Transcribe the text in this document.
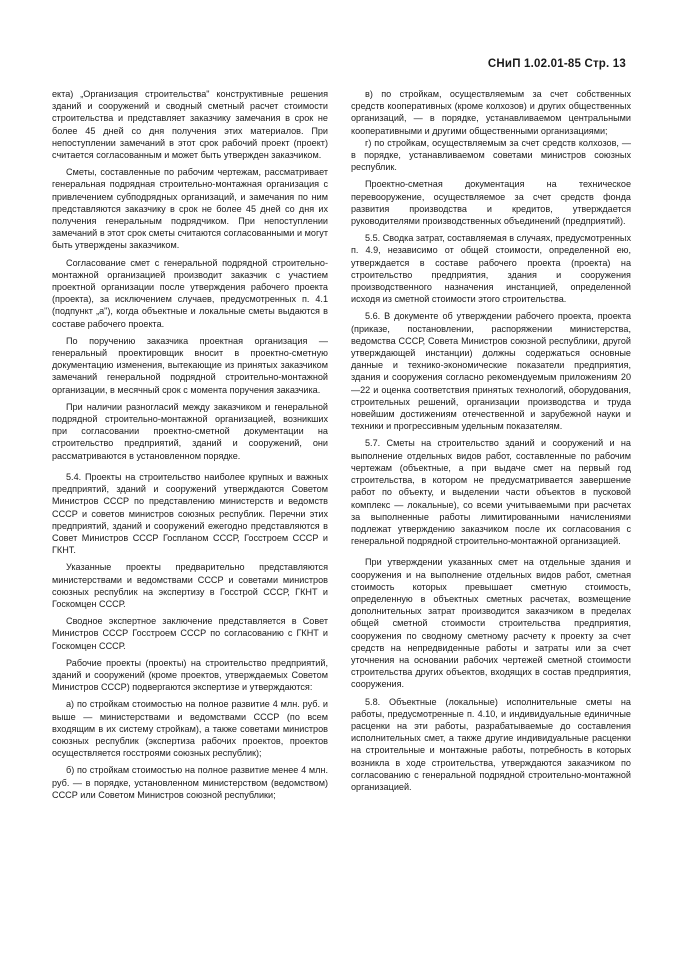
СНиП 1.02.01-85 Стр. 13

екта) „Организация строительства" конструктивные решения зданий и сооружений и сводный сметный расчет стоимости строительства и представляет заказчику замечания в срок не более 45 дней со дня получения этих материалов. При непоступлении замечаний в этот срок рабочий проект (проект) считается согласованным и может быть утвержден заказчиком.

Сметы, составленные по рабочим чертежам, рассматривает генеральная подрядная строительно-монтажная организация с привлечением субподрядных организаций, и замечания по ним представляются заказчику в срок не более 45 дней со дня их получения генеральным подрядчиком. При непоступлении замечаний в этот срок сметы считаются согласованными и могут быть утверждены заказчиком.

Согласование смет с генеральной подрядной строительно-монтажной организацией производит заказчик с участием проектной организации после утверждения рабочего проекта (проекта), за исключением случаев, предусмотренных п. 4.1 (подпункт „а"), когда объектные и локальные сметы выдаются в составе рабочего проекта.

По поручению заказчика проектная организация — генеральный проектировщик вносит в проектно-сметную документацию изменения, вытекающие из принятых заказчиком замечаний генеральной подрядной строительно-монтажной организации, в месячный срок с момента поручения заказчика.

При наличии разногласий между заказчиком и генеральной подрядной строительно-монтажной организацией, возникших при согласовании проектно-сметной документации на строительство предприятий, зданий и сооружений, они рассматриваются в установленном порядке.

5.4. Проекты на строительство наиболее крупных и важных предприятий, зданий и сооружений утверждаются Советом Министров СССР по представлению министерств и ведомств СССР и советов министров союзных республик. Перечни этих предприятий, зданий и сооружений ежегодно представляются в Совет Министров СССР Госпланом СССР, Госстроем СССР и ГКНТ.

Указанные проекты предварительно представляются министерствами и ведомствами СССР и советами министров союзных республик на экспертизу в Госстрой СССР, ГКНТ и Госкомцен СССР.

Сводное экспертное заключение представляется в Совет Министров СССР Госстроем СССР по согласованию с ГКНТ и Госкомцен СССР.

Рабочие проекты (проекты) на строительство предприятий, зданий и сооружений (кроме проектов, утверждаемых Советом Министров СССР) подвергаются экспертизе и утверждаются:

а) по стройкам стоимостью на полное развитие 4 млн. руб. и выше — министерствами и ведомствами СССР (по всем входящим в их систему стройкам), а также советами министров союзных республик (экспертиза рабочих проектов, проектов осуществляется госстроями союзных республик);

б) по стройкам стоимостью на полное развитие менее 4 млн. руб. — в порядке, установленном министерством (ведомством) СССР или Советом Министров союзной республики;

в) по стройкам, осуществляемым за счет собственных средств кооперативных (кроме колхозов) и других общественных организаций, — в порядке, устанавливаемом центральными кооперативными и другими общественными организациями;

г) по стройкам, осуществляемым за счет средств колхозов, — в порядке, устанавливаемом советами министров союзных республик.

Проектно-сметная документация на техническое перевооружение, осуществляемое за счет средств фонда развития производства и кредитов, утверждается руководителями производственных объединений (предприятий).

5.5. Сводка затрат, составляемая в случаях, предусмотренных п. 4.9, независимо от общей стоимости, определенной ею, утверждается в составе рабочего проекта (проекта) на строительство предприятия, здания и сооружения производственного назначения инстанцией, определенной исходя из сметной стоимости этого строительства.

5.6. В документе об утверждении рабочего проекта, проекта (приказе, постановлении, распоряжении министерства, ведомства СССР, Совета Министров союзной республики, другой утверждающей инстанции) должны содержаться основные данные и технико-экономические показатели предприятия, здания и сооружения согласно рекомендуемым приложениям 20—22 и оценка соответствия принятых технологий, оборудования, строительных решений, организации производства и труда новейшим достижениям отечественной и зарубежной науки и техники и прогрессивным удельным показателям.

5.7. Сметы на строительство зданий и сооружений и на выполнение отдельных видов работ, составленные по рабочим чертежам (объектные, а при выдаче смет на первый год строительства, в котором не предусматривается завершение работ по объекту, и выделении части объектов в пусковой комплекс — локальные), со всеми учитываемыми при расчетах за выполненные работы лимитированными начислениями подлежат утверждению заказчиком после их согласования с генеральной подрядной строительно-монтажной организацией.

При утверждении указанных смет на отдельные здания и сооружения и на выполнение отдельных видов работ, сметная стоимость которых превышает сметную стоимость, определенную в объектных сметных расчетах, возмещение дополнительных затрат производится заказчиком в пределах общей сметной стоимости строительства предприятия, сооружения по сводному сметному расчету к проекту за счет средств на непредвиденные работы и затраты или за счет уточнения на основании рабочих чертежей сметной стоимости строительства других объектов, входящих в состав предприятия, сооружения.

5.8. Объектные (локальные) исполнительные сметы на работы, предусмотренные п. 4.10, и индивидуальные единичные расценки на эти работы, разрабатываемые до составления исполнительных смет, а также другие индивидуальные расценки на строительные и монтажные работы, потребность в которых возникла в ходе строительства, утверждаются заказчиком по согласованию с генеральной подрядной строительно-монтажной организацией.
